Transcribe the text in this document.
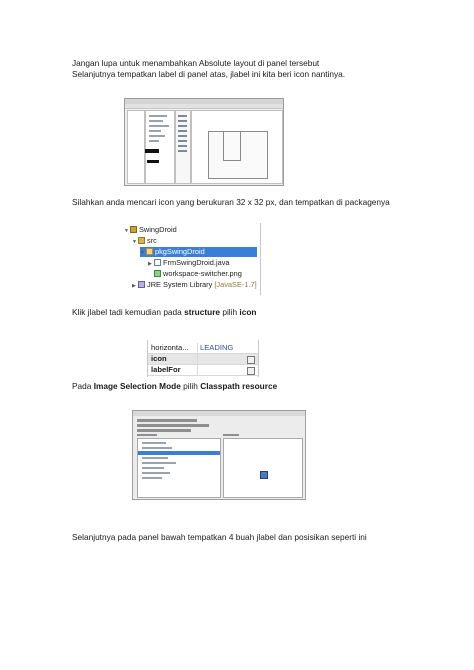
Jangan lupa untuk menambahkan Absolute layout di panel tersebut
Selanjutnya tempatkan label di panel atas, jlabel ini kita beri icon nantinya.
Silahkan anda mencari icon yang berukuran 32 x 32 px, dan tempatkan di packagenya
▼ SwingDroid
▼ src
▼ pkgSwingDroid
▶ FrmSwingDroid.java
workspace-switcher.png
▶ JRE System Library [JavaSE-1.7]
Klik jlabel tadi kemudian pada structure pilih icon
horizonta... LEADING
icon
labelFor
Pada Image Selection Mode pilih Classpath resource
Selanjutnya pada panel bawah tempatkan 4 buah jlabel dan posisikan seperti ini
